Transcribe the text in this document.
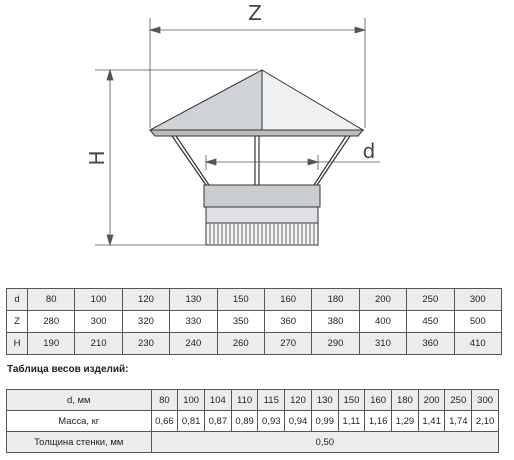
Z
H	d
d	80	100	120	130	150	160	180	200	250	300
Z	280	300	320	330	350	360	380	400	450	500
H	190	210	230	240	260	270	290	310	360	410
Таблица весов изделий:
d, мм	80	100	104	110	115	120	130	150	160	180	200	250	300
Масса, кг	0,66	0,81	0,87	0,89	0,93	0,94	0,99	1,11	1,16	1,29	1,41	1,74	2,10
Толщина стенки, мм	0,50												
